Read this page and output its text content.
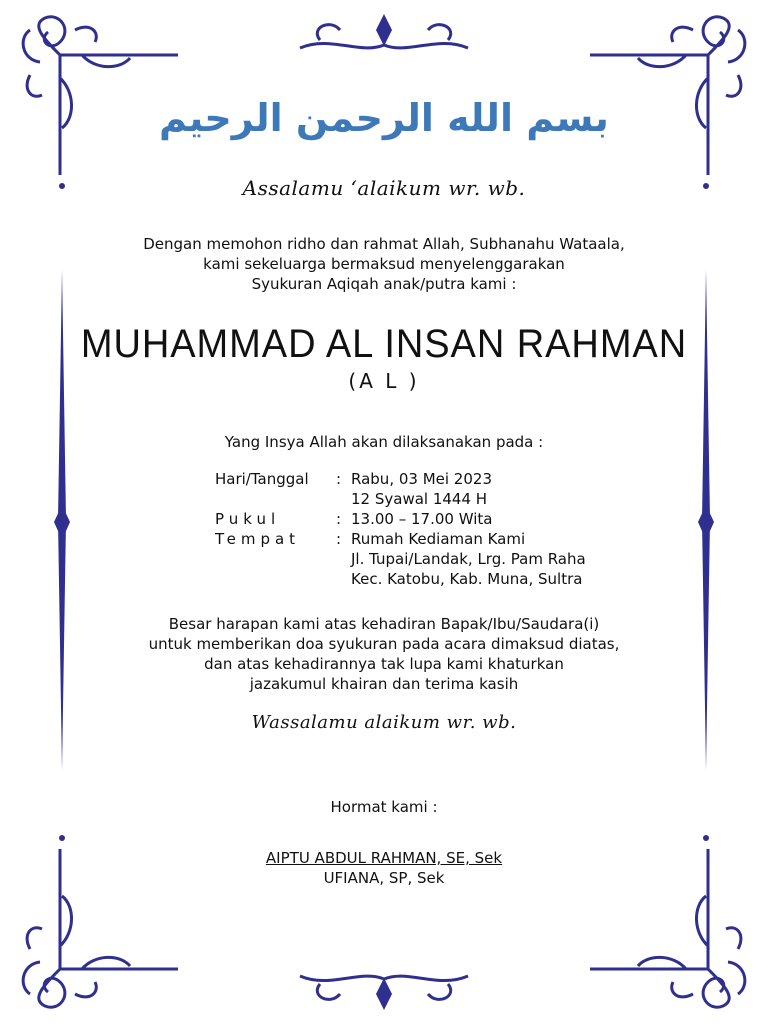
بسم الله الرحمن الرحيم
Assalamu ‘alaikum wr. wb.
Dengan memohon ridho dan rahmat Allah, Subhanahu Wataala,
kami sekeluarga bermaksud menyelenggarakan
Syukuran Aqiqah anak/putra kami :
MUHAMMAD AL INSAN RAHMAN
(A L )
Yang Insya Allah akan dilaksanakan pada :
Hari/Tanggal : Rabu, 03 Mei 2023
12 Syawal 1444 H
Pukul	: 13.00 – 17.00 Wita
Tempat : Rumah Kediaman Kami
Jl. Tupai/Landak, Lrg. Pam Raha
Kec. Katobu, Kab. Muna, Sultra
Besar harapan kami atas kehadiran Bapak/Ibu/Saudara(i)
untuk memberikan doa syukuran pada acara dimaksud diatas,
dan atas kehadirannya tak lupa kami khaturkan
jazakumul khairan dan terima kasih
Wassalamu alaikum wr. wb.
Hormat kami :
AIPTU ABDUL RAHMAN, SE, Sek
UFIANA, SP, Sek
